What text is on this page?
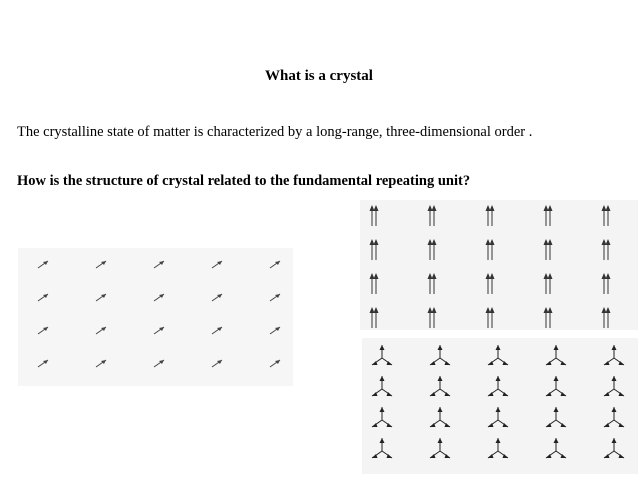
What is a crystal
The crystalline state of matter is characterized by a long-range, three-dimensional order .
How is the structure of crystal related to the fundamental repeating unit?
